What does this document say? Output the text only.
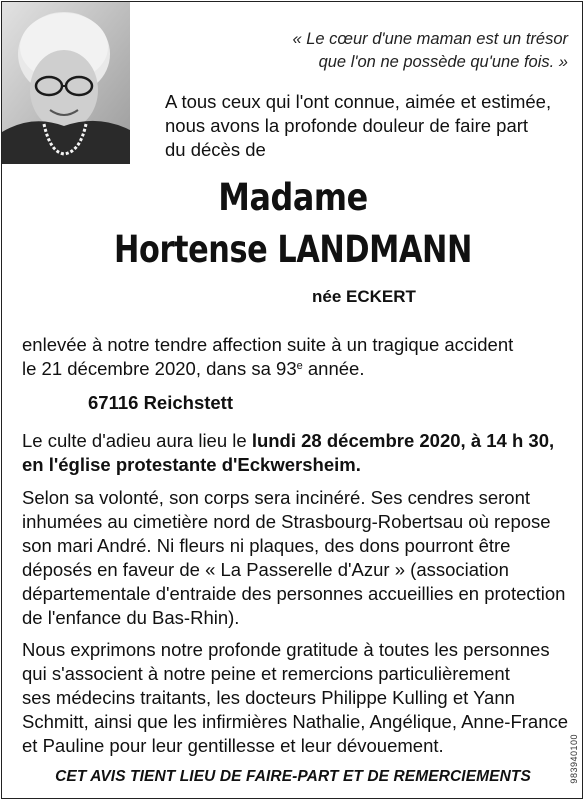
« Le cœur d'une maman est un trésor
que l'on ne possède qu'une fois. »
A tous ceux qui l'ont connue, aimée et estimée,
nous avons la profonde douleur de faire part
du décès de
Madame
Hortense LANDMANN
née ECKERT
enlevée à notre tendre affection suite à un tragique accident
le 21 décembre 2020, dans sa 93e année.
67116 Reichstett
Le culte d'adieu aura lieu le lundi 28 décembre 2020, à 14 h 30,
en l'église protestante d'Eckwersheim.
Selon sa volonté, son corps sera incinéré. Ses cendres seront
inhumées au cimetière nord de Strasbourg-Robertsau où repose
son mari André. Ni fleurs ni plaques, des dons pourront être
déposés en faveur de « La Passerelle d'Azur » (association
départementale d'entraide des personnes accueillies en protection
de l'enfance du Bas-Rhin).
Nous exprimons notre profonde gratitude à toutes les personnes
qui s'associent à notre peine et remercions particulièrement
ses médecins traitants, les docteurs Philippe Kulling et Yann
Schmitt, ainsi que les infirmières Nathalie, Angélique, Anne-France
et Pauline pour leur gentillesse et leur dévouement.
CET AVIS TIENT LIEU DE FAIRE-PART ET DE REMERCIEMENTS	983940100
